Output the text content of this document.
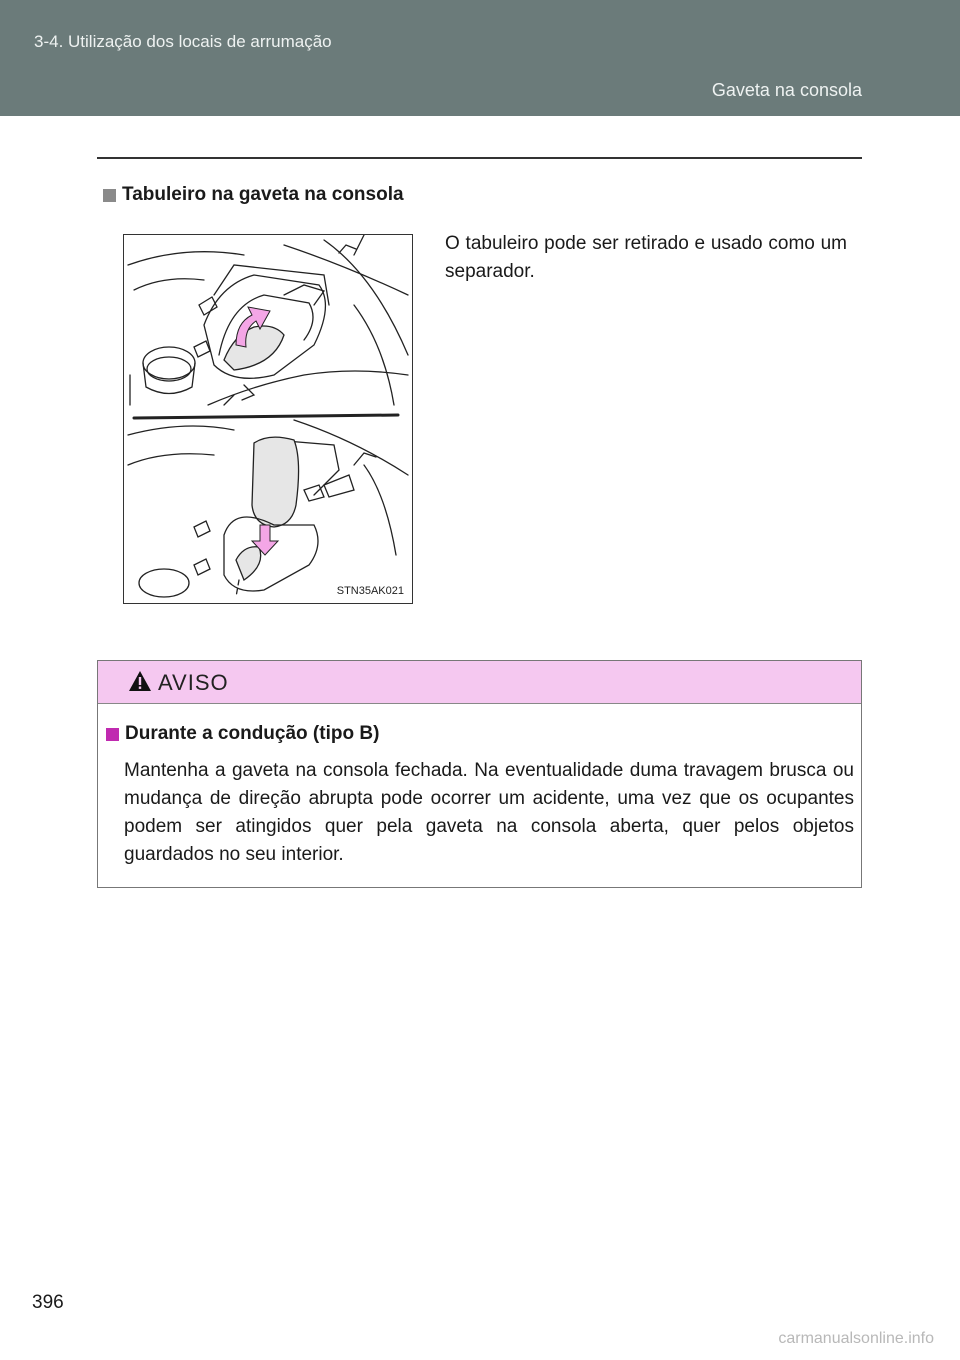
3-4. Utilização dos locais de arrumação
Gaveta na consola
Tabuleiro na gaveta na consola
STN35AK021
O tabuleiro pode ser retirado e usado como um separador.
AVISO
Durante a condução (tipo B)
Mantenha a gaveta na consola fechada. Na eventualidade duma travagem brusca ou mudança de direção abrupta pode ocorrer um acidente, uma vez que os ocupantes podem ser atingidos quer pela gaveta na consola aberta, quer pelos objetos guardados no seu interior.
396
carmanualsonline.info
